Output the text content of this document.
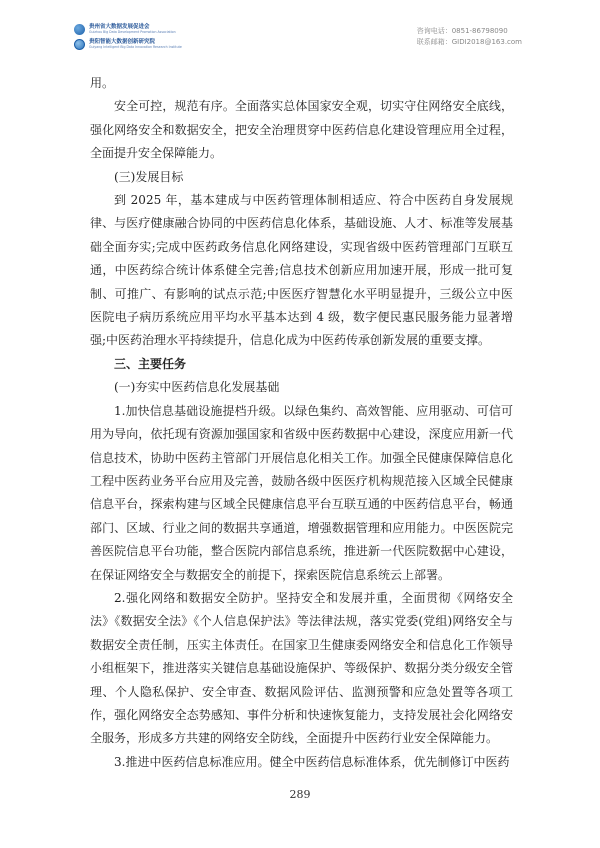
贵州省大数据发展促进会
Guizhou Big Data Development Promotion Association
贵阳智能大数据创新研究院
Guiyang Intelligent Big Data Innovation Research Institute
咨询电话：0851-86798090
联系邮箱：GIDI2018@163.com

用。

安全可控，规范有序。全面落实总体国家安全观，切实守住网络安全底线，强化网络安全和数据安全，把安全治理贯穿中医药信息化建设管理应用全过程，全面提升安全保障能力。

(三)发展目标

到 2025 年，基本建成与中医药管理体制相适应、符合中医药自身发展规律、与医疗健康融合协同的中医药信息化体系，基础设施、人才、标准等发展基础全面夯实;完成中医药政务信息化网络建设，实现省级中医药管理部门互联互通，中医药综合统计体系健全完善;信息技术创新应用加速开展，形成一批可复制、可推广、有影响的试点示范;中医医疗智慧化水平明显提升，三级公立中医医院电子病历系统应用平均水平基本达到 4 级，数字便民惠民服务能力显著增强;中医药治理水平持续提升，信息化成为中医药传承创新发展的重要支撑。

三、主要任务

(一)夯实中医药信息化发展基础

1.加快信息基础设施提档升级。以绿色集约、高效智能、应用驱动、可信可用为导向，依托现有资源加强国家和省级中医药数据中心建设，深度应用新一代信息技术，协助中医药主管部门开展信息化相关工作。加强全民健康保障信息化工程中医药业务平台应用及完善，鼓励各级中医医疗机构规范接入区域全民健康信息平台，探索构建与区域全民健康信息平台互联互通的中医药信息平台，畅通部门、区域、行业之间的数据共享通道，增强数据管理和应用能力。中医医院完善医院信息平台功能，整合医院内部信息系统，推进新一代医院数据中心建设，在保证网络安全与数据安全的前提下，探索医院信息系统云上部署。

2.强化网络和数据安全防护。坚持安全和发展并重，全面贯彻《网络安全法》《数据安全法》《个人信息保护法》等法律法规，落实党委(党组)网络安全与数据安全责任制，压实主体责任。在国家卫生健康委网络安全和信息化工作领导小组框架下，推进落实关键信息基础设施保护、等级保护、数据分类分级安全管理、个人隐私保护、安全审查、数据风险评估、监测预警和应急处置等各项工作，强化网络安全态势感知、事件分析和快速恢复能力，支持发展社会化网络安全服务，形成多方共建的网络安全防线，全面提升中医药行业安全保障能力。

3.推进中医药信息标准应用。健全中医药信息标准体系，优先制修订中医药

289
